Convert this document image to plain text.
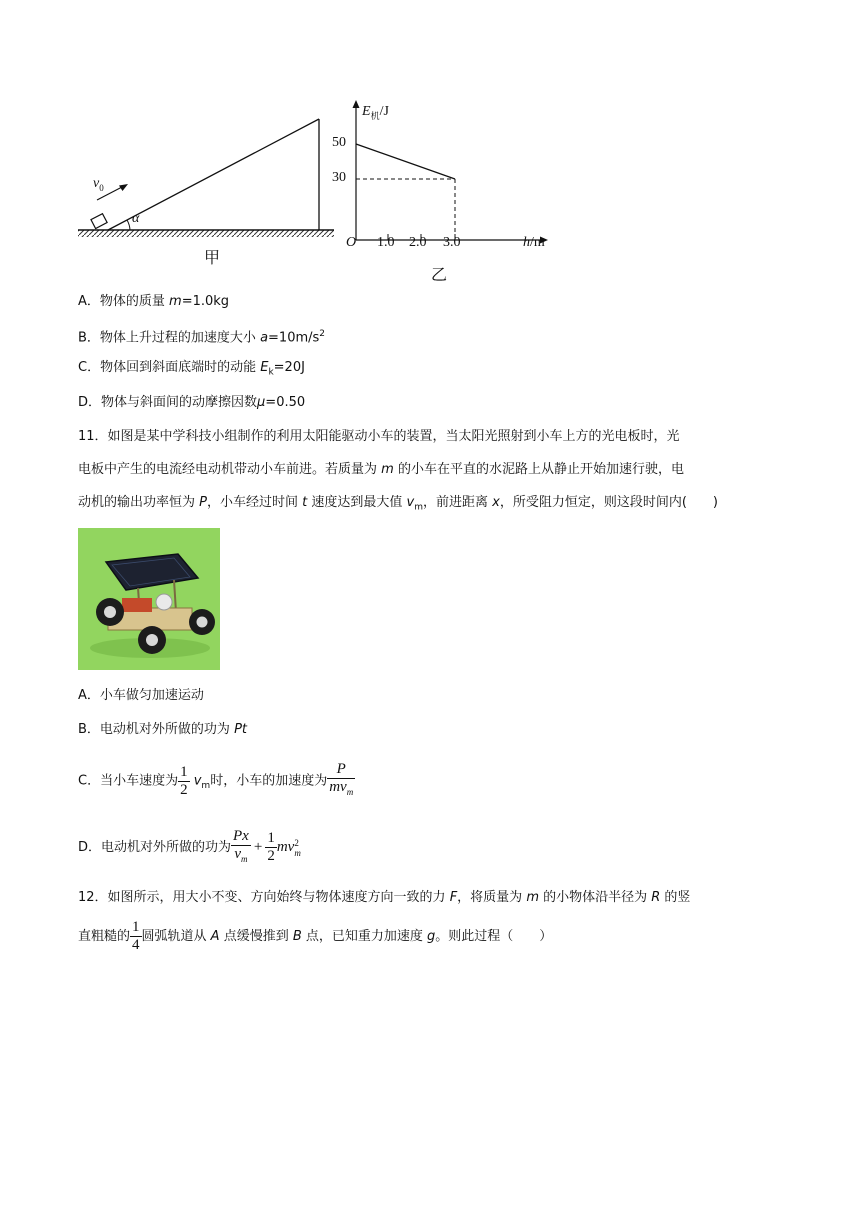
$v_0$
α
甲
$E_机/J$
50
30
O 1.0 2.0 3.0	h/m
乙
A．物体的质量 m=1.0kg
B．物体上升过程的加速度大小 $a=10m/s^2$
C．物体回到斜面底端时的动能 $E_k=20J$
D．物体与斜面间的动摩擦因数μ=0.50
11．如图是某中学科技小组制作的利用太阳能驱动小车的装置，当太阳光照射到小车上方的光电板时，光
电板中产生的电流经电动机带动小车前进。若质量为 m 的小车在平直的水泥路上从静止开始加速行驶，电
动机的输出功率恒为 P，小车经过时间 t 速度达到最大值 $v_m$，前进距离 x，所受阻力恒定，则这段时间内(　　)
A．小车做匀加速运动
B．电动机对外所做的功为 Pt
C．当小车速度为 $\frac{1}{2} v_m$时，小车的加速度为 $\frac{P}{mv_m}$
D．电动机对外所做的功为 $\frac{Px}{v_m} + \frac{1}{2}$ mv 2
m
12．如图所示，用大小不变、方向始终与物体速度方向一致的力 F，将质量为 m 的小物体沿半径为 R 的竖
直粗糙的 $\frac{1}{4}$ 圆弧轨道从 A 点缓慢推到 B 点，已知重力加速度 g。则此过程（　　）
